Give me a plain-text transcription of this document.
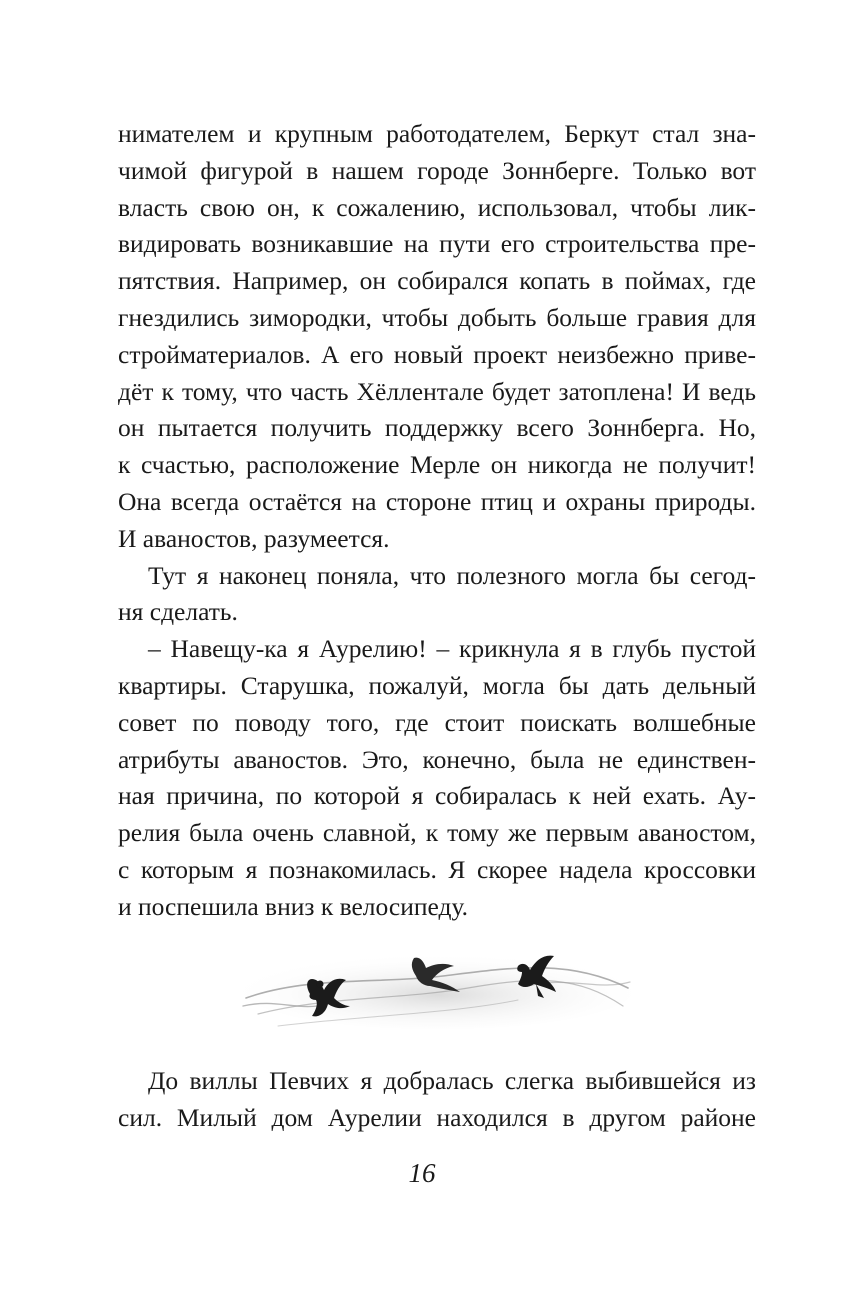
нимателем и крупным работодателем, Беркут стал зна-
чимой фигурой в нашем городе Зоннберге. Только вот
власть свою он, к сожалению, использовал, чтобы лик-
видировать возникавшие на пути его строительства пре-
пятствия. Например, он собирался копать в поймах, где
гнездились зимородки, чтобы добыть больше гравия для
стройматериалов. А его новый проект неизбежно приве-
дёт к тому, что часть Хёллентале будет затоплена! И ведь
он пытается получить поддержку всего Зоннберга. Но,
к счастью, расположение Мерле он никогда не получит!
Она всегда остаётся на стороне птиц и охраны природы.
И аваностов, разумеется.
Тут я наконец поняла, что полезного могла бы сегод-
ня сделать.
– Навещу-ка я Аурелию! – крикнула я в глубь пустой
квартиры. Старушка, пожалуй, могла бы дать дельный
совет по поводу того, где стоит поискать волшебные
атрибуты аваностов. Это, конечно, была не единствен-
ная причина, по которой я собиралась к ней ехать. Ау-
релия была очень славной, к тому же первым аваностом,
с которым я познакомилась. Я скорее надела кроссовки
и поспешила вниз к велосипеду.
До виллы Певчих я добралась слегка выбившейся из
сил. Милый дом Аурелии находился в другом районе
16
